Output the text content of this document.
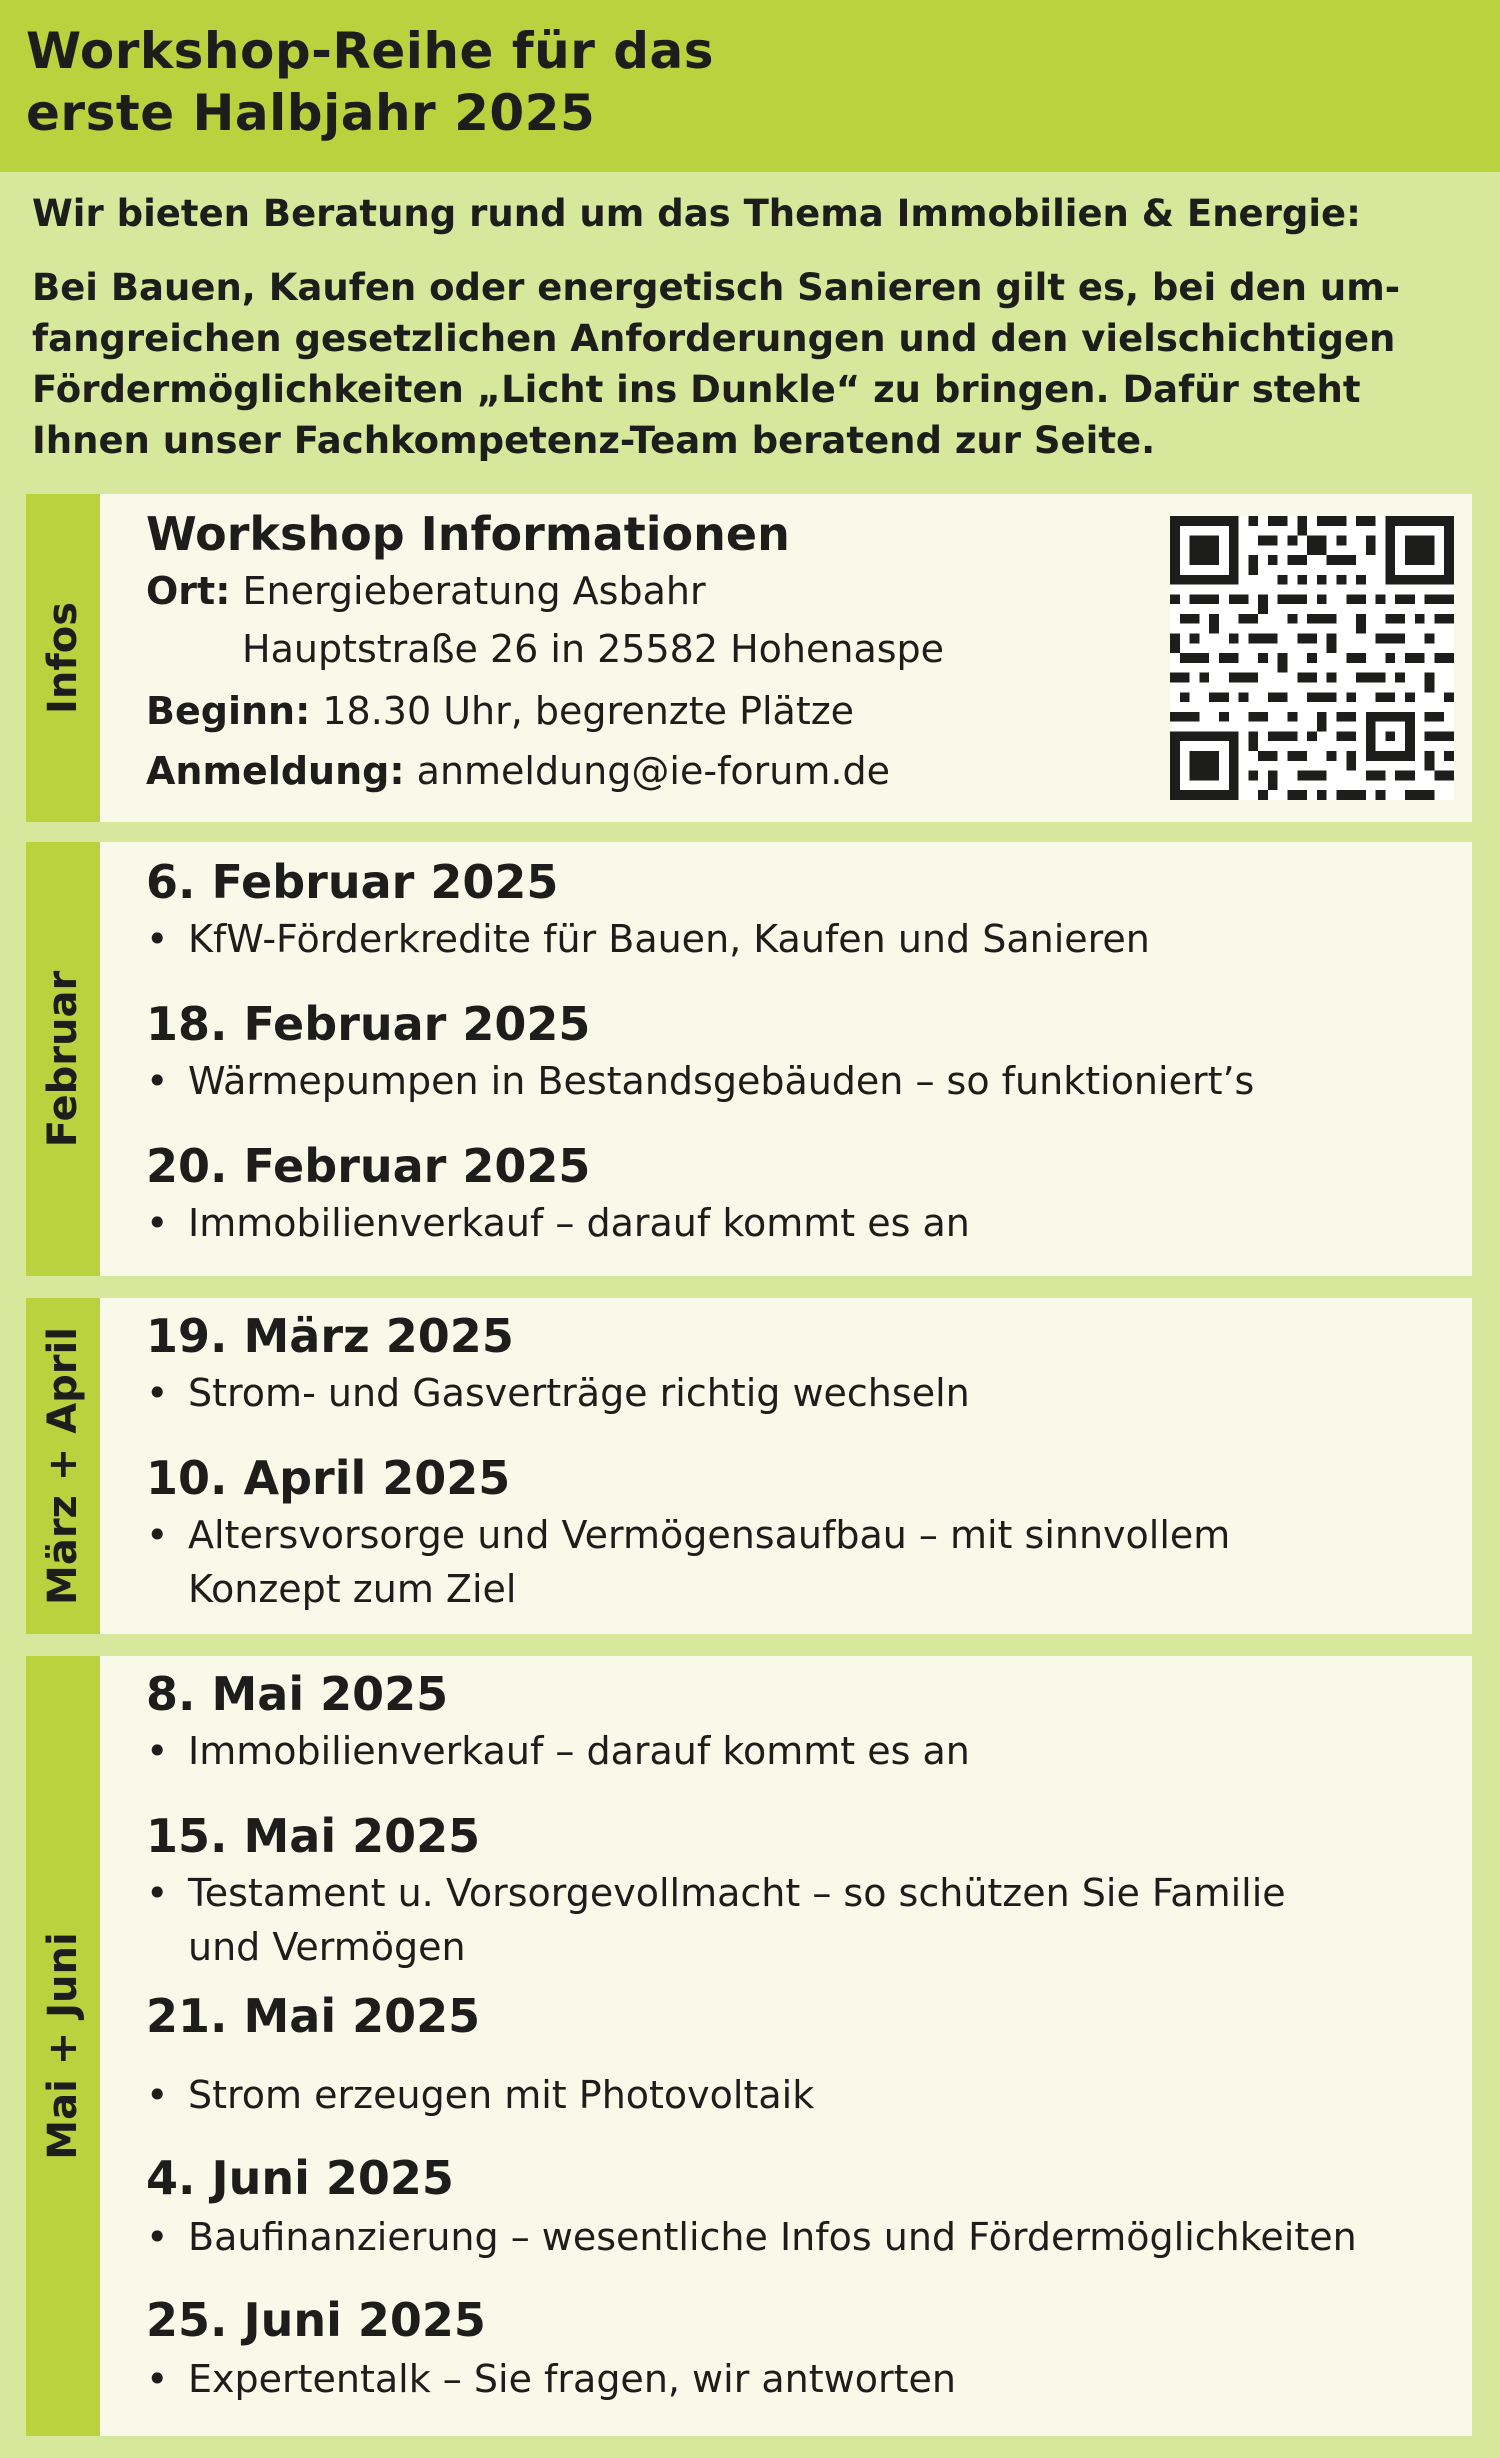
Workshop-Reihe für das
erste Halbjahr 2025
Wir bieten Beratung rund um das Thema Immobilien & Energie:
Bei Bauen, Kaufen oder energetisch Sanieren gilt es, bei den um-
fangreichen gesetzlichen Anforderungen und den vielschichtigen
Fördermöglichkeiten „Licht ins Dunkle“ zu bringen. Dafür steht
Ihnen unser Fachkompetenz-Team beratend zur Seite.
Infos
Workshop Informationen
Ort: Energieberatung Asbahr
Hauptstraße 26 in 25582 Hohenaspe
Beginn: 18.30 Uhr, begrenzte Plätze
Anmeldung: anmeldung@ie-forum.de
Februar
6. Februar 2025
• KfW-Förderkredite für Bauen, Kaufen und Sanieren
18. Februar 2025
• Wärmepumpen in Bestandsgebäuden – so funktioniert’s
20. Februar 2025
• Immobilienverkauf – darauf kommt es an
März + April 19. März 2025
• Strom- und Gasverträge richtig wechseln
10. April 2025
• Altersvorsorge und Vermögensaufbau – mit sinnvollem
Konzept zum Ziel
Mai + Juni
8. Mai 2025
• Immobilienverkauf – darauf kommt es an
15. Mai 2025
• Testament u. Vorsorgevollmacht – so schützen Sie Familie
und Vermögen
21. Mai 2025
• Strom erzeugen mit Photovoltaik
4. Juni 2025
• Baufinanzierung – wesentliche Infos und Fördermöglichkeiten
25. Juni 2025
• Expertentalk – Sie fragen, wir antworten
